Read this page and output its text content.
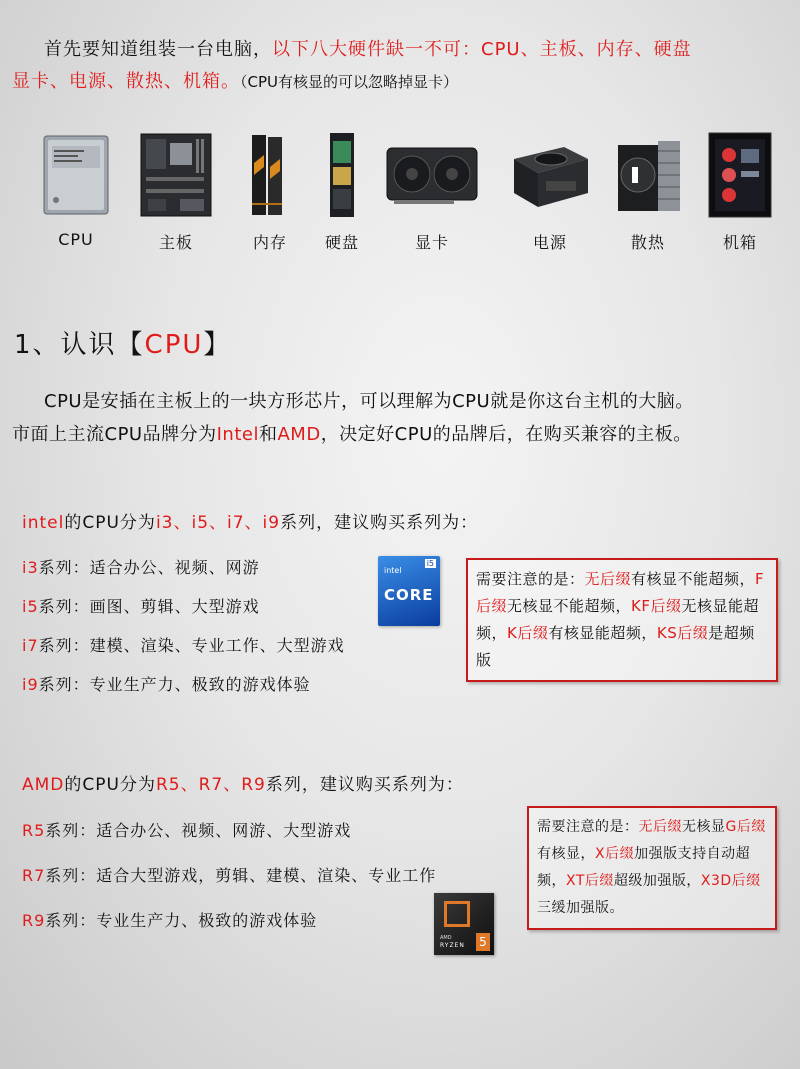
首先要知道组装一台电脑，以下八大硬件缺一不可：CPU、主板、内存、硬盘
显卡、电源、散热、机箱。（CPU有核显的可以忽略掉显卡）
CPU	主板	内存 硬盘	显卡	电源	散热	机箱
1、认识【CPU】
CPU是安插在主板上的一块方形芯片，可以理解为CPU就是你这台主机的大脑。
市面上主流CPU品牌分为Intel和AMD，决定好CPU的品牌后，在购买兼容的主板。
intel的CPU分为i3、i5、i7、i9系列，建议购买系列为：
i3系列：适合办公、视频、网游
i5系列：画图、剪辑、大型游戏
i7系列：建模、渲染、专业工作、大型游戏
i9系列：专业生产力、极致的游戏体验
intel
i5
CORE
需要注意的是：无后缀有核显不能超频，F后缀无核显不能超频，KF后缀无核显能超频，K后缀有核显能超频，KS后缀是超频版
AMD的CPU分为R5、R7、R9系列，建议购买系列为：
R5系列：适合办公、视频、网游、大型游戏
R7系列：适合大型游戏，剪辑、建模、渲染、专业工作
R9系列：专业生产力、极致的游戏体验
AMD
RYZEN 5
需要注意的是：无后缀无核显G后缀有核显，X后缀加强版支持自动超频，XT后缀超级加强版，X3D后缀三缓加强版。
